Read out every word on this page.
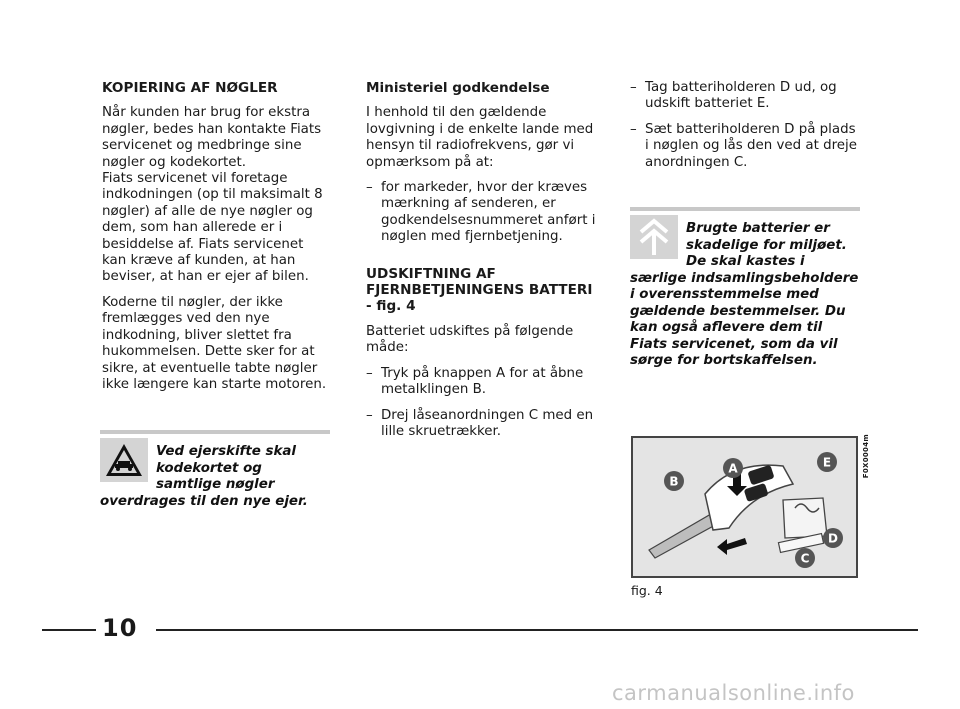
KOPIERING AF NØGLER

Når kunden har brug for ekstra nøgler, bedes han kontakte Fiats servicenet og medbringe sine nøgler og kodekortet.
Fiats servicenet vil foretage indkodningen (op til maksimalt 8 nøgler) af alle de nye nøgler og dem, som han allerede er i besiddelse af. Fiats servicenet kan kræve af kunden, at han beviser, at han er ejer af bilen.

Koderne til nøgler, der ikke fremlægges ved den nye indkodning, bliver slettet fra hukommelsen. Dette sker for at sikre, at eventuelle tabte nøgler ikke længere kan starte motoren.

Ved ejerskifte skal kodekortet og samtlige nøgler overdrages til den nye ejer.
Ministeriel godkendelse

I henhold til den gældende lovgivning i de enkelte lande med hensyn til radiofrekvens, gør vi opmærksom på at:

– for markeder, hvor der kræves mærkning af senderen, er godkendelsesnummeret anført i nøglen med fjernbetjening.
UDSKIFTNING AF FJERNBETJENINGENS BATTERI - fig. 4

Batteriet udskiftes på følgende måde:

– Tryk på knappen A for at åbne metalklingen B.
– Drej låseanordningen C med en lille skruetrækker.
– Tag batteriholderen D ud, og udskift batteriet E.
– Sæt batteriholderen D på plads i nøglen og lås den ved at dreje anordningen C.
Brugte batterier er skadelige for miljøet. De skal kastes i særlige indsamlingsbeholdere i overensstemmelse med gældende bestemmelser. Du kan også aflevere dem til Fiats servicenet, som da vil sørge for bortskaffelsen.
B
A	E
D
C
F0X0004m
fig. 4
10
carmanualsonline.info
